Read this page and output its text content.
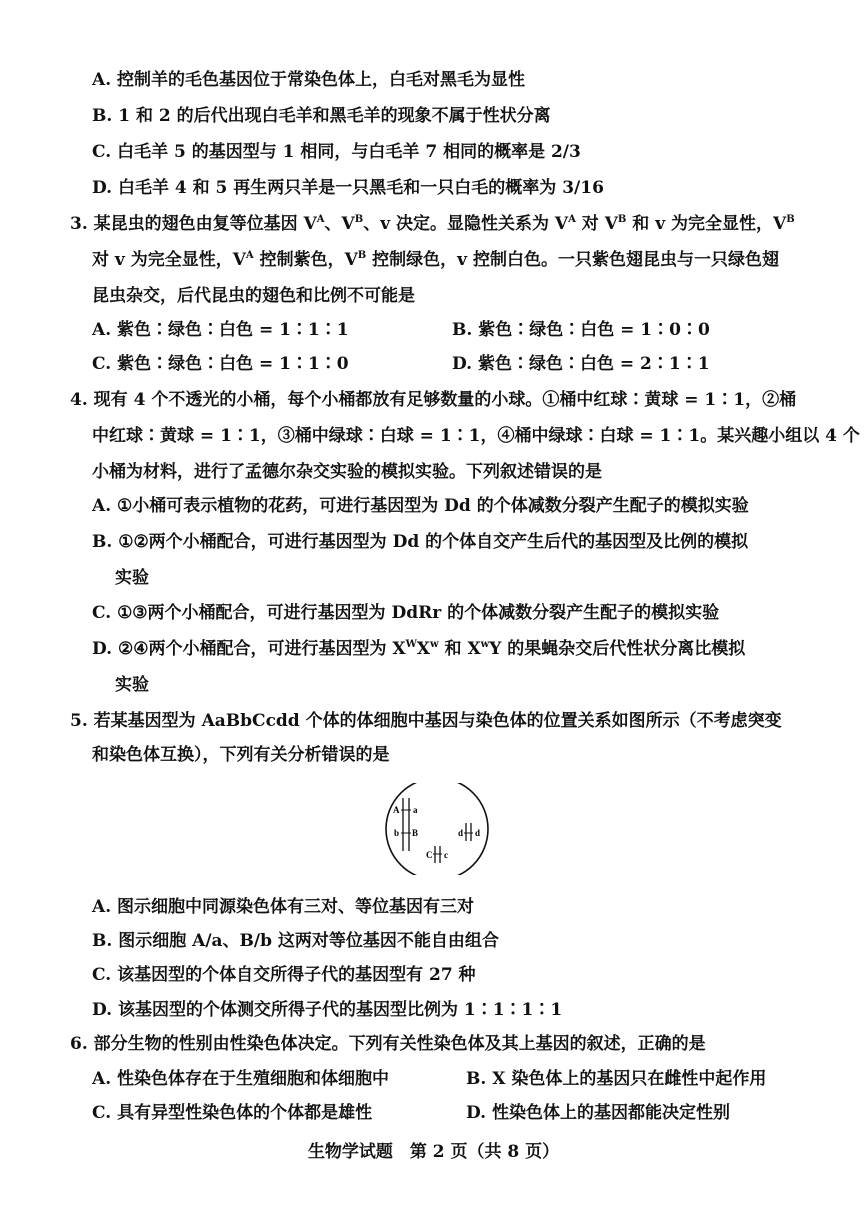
A. 控制羊的毛色基因位于常染色体上，白毛对黑毛为显性
B. 1 和 2 的后代出现白毛羊和黑毛羊的现象不属于性状分离
C. 白毛羊 5 的基因型与 1 相同，与白毛羊 7 相同的概率是 2/3
D. 白毛羊 4 和 5 再生两只羊是一只黑毛和一只白毛的概率为 3/16
3. 某昆虫的翅色由复等位基因 $V^A$、$V^B$、v 决定。显隐性关系为 $V^A$ 对 $V^B$ 和 v 为完全显性，$V^B$
对 v 为完全显性，$V^A$ 控制紫色，$V^B$ 控制绿色，v 控制白色。一只紫色翅昆虫与一只绿色翅
昆虫杂交，后代昆虫的翅色和比例不可能是
A. 紫色∶绿色∶白色 = 1∶1∶1	B. 紫色∶绿色∶白色 = 1∶0∶0
C. 紫色∶绿色∶白色 = 1∶1∶0	D. 紫色∶绿色∶白色 = 2∶1∶1
4. 现有 4 个不透光的小桶，每个小桶都放有足够数量的小球。①桶中红球∶黄球 = 1∶1，②桶
中红球∶黄球 = 1∶1，③桶中绿球∶白球 = 1∶1，④桶中绿球∶白球 = 1∶1。某兴趣小组以 4 个
小桶为材料，进行了孟德尔杂交实验的模拟实验。下列叙述错误的是
A. ①小桶可表示植物的花药，可进行基因型为 Dd 的个体减数分裂产生配子的模拟实验
B. ①②两个小桶配合，可进行基因型为 Dd 的个体自交产生后代的基因型及比例的模拟
实验
C. ①③两个小桶配合，可进行基因型为 DdRr 的个体减数分裂产生配子的模拟实验
D. ②④两个小桶配合，可进行基因型为 $X^WX^w$ 和 $X^wY$ 的果蝇杂交后代性状分离比模拟
实验
5. 若某基因型为 AaBbCcdd 个体的体细胞中基因与染色体的位置关系如图所示（不考虑突变
和染色体互换），下列有关分析错误的是
A a
b B	d d
C c
A. 图示细胞中同源染色体有三对、等位基因有三对
B. 图示细胞 A/a、B/b 这两对等位基因不能自由组合
C. 该基因型的个体自交所得子代的基因型有 27 种
D. 该基因型的个体测交所得子代的基因型比例为 1∶1∶1∶1
6. 部分生物的性别由性染色体决定。下列有关性染色体及其上基因的叙述，正确的是
A. 性染色体存在于生殖细胞和体细胞中	B. X 染色体上的基因只在雌性中起作用
C. 具有异型性染色体的个体都是雄性	D. 性染色体上的基因都能决定性别
生物学试题　第 2 页（共 8 页）
